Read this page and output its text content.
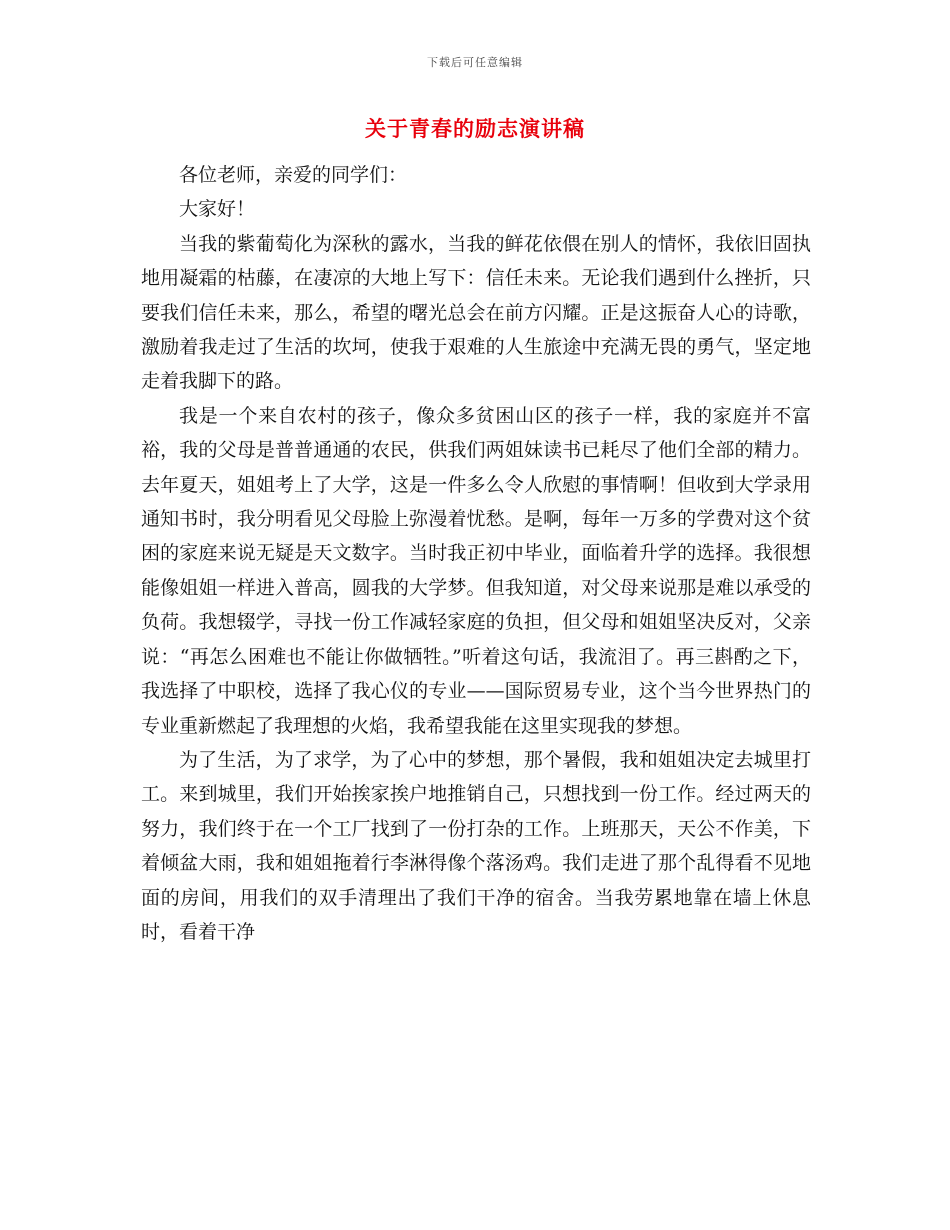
下载后可任意编辑
关于青春的励志演讲稿

各位老师，亲爱的同学们：

大家好！

当我的紫葡萄化为深秋的露水，当我的鲜花依偎在别人的情怀，我依旧固执地用凝霜的枯藤，在凄凉的大地上写下：信任未来。无论我们遇到什么挫折，只要我们信任未来，那么，希望的曙光总会在前方闪耀。正是这振奋人心的诗歌，激励着我走过了生活的坎坷，使我于艰难的人生旅途中充满无畏的勇气，坚定地走着我脚下的路。

我是一个来自农村的孩子，像众多贫困山区的孩子一样，我的家庭并不富裕，我的父母是普普通通的农民，供我们两姐妹读书已耗尽了他们全部的精力。去年夏天，姐姐考上了大学，这是一件多么令人欣慰的事情啊！但收到大学录用通知书时，我分明看见父母脸上弥漫着忧愁。是啊，每年一万多的学费对这个贫困的家庭来说无疑是天文数字。当时我正初中毕业，面临着升学的选择。我很想能像姐姐一样进入普高，圆我的大学梦。但我知道，对父母来说那是难以承受的负荷。我想辍学，寻找一份工作减轻家庭的负担，但父母和姐姐坚决反对，父亲说：“再怎么困难也不能让你做牺牲。”听着这句话，我流泪了。再三斟酌之下，我选择了中职校，选择了我心仪的专业——国际贸易专业，这个当今世界热门的专业重新燃起了我理想的火焰，我希望我能在这里实现我的梦想。

为了生活，为了求学，为了心中的梦想，那个暑假，我和姐姐决定去城里打工。来到城里，我们开始挨家挨户地推销自己，只想找到一份工作。经过两天的努力，我们终于在一个工厂找到了一份打杂的工作。上班那天，天公不作美，下着倾盆大雨，我和姐姐拖着行李淋得像个落汤鸡。我们走进了那个乱得看不见地面的房间，用我们的双手清理出了我们干净的宿舍。当我劳累地靠在墙上休息时，看着干净
